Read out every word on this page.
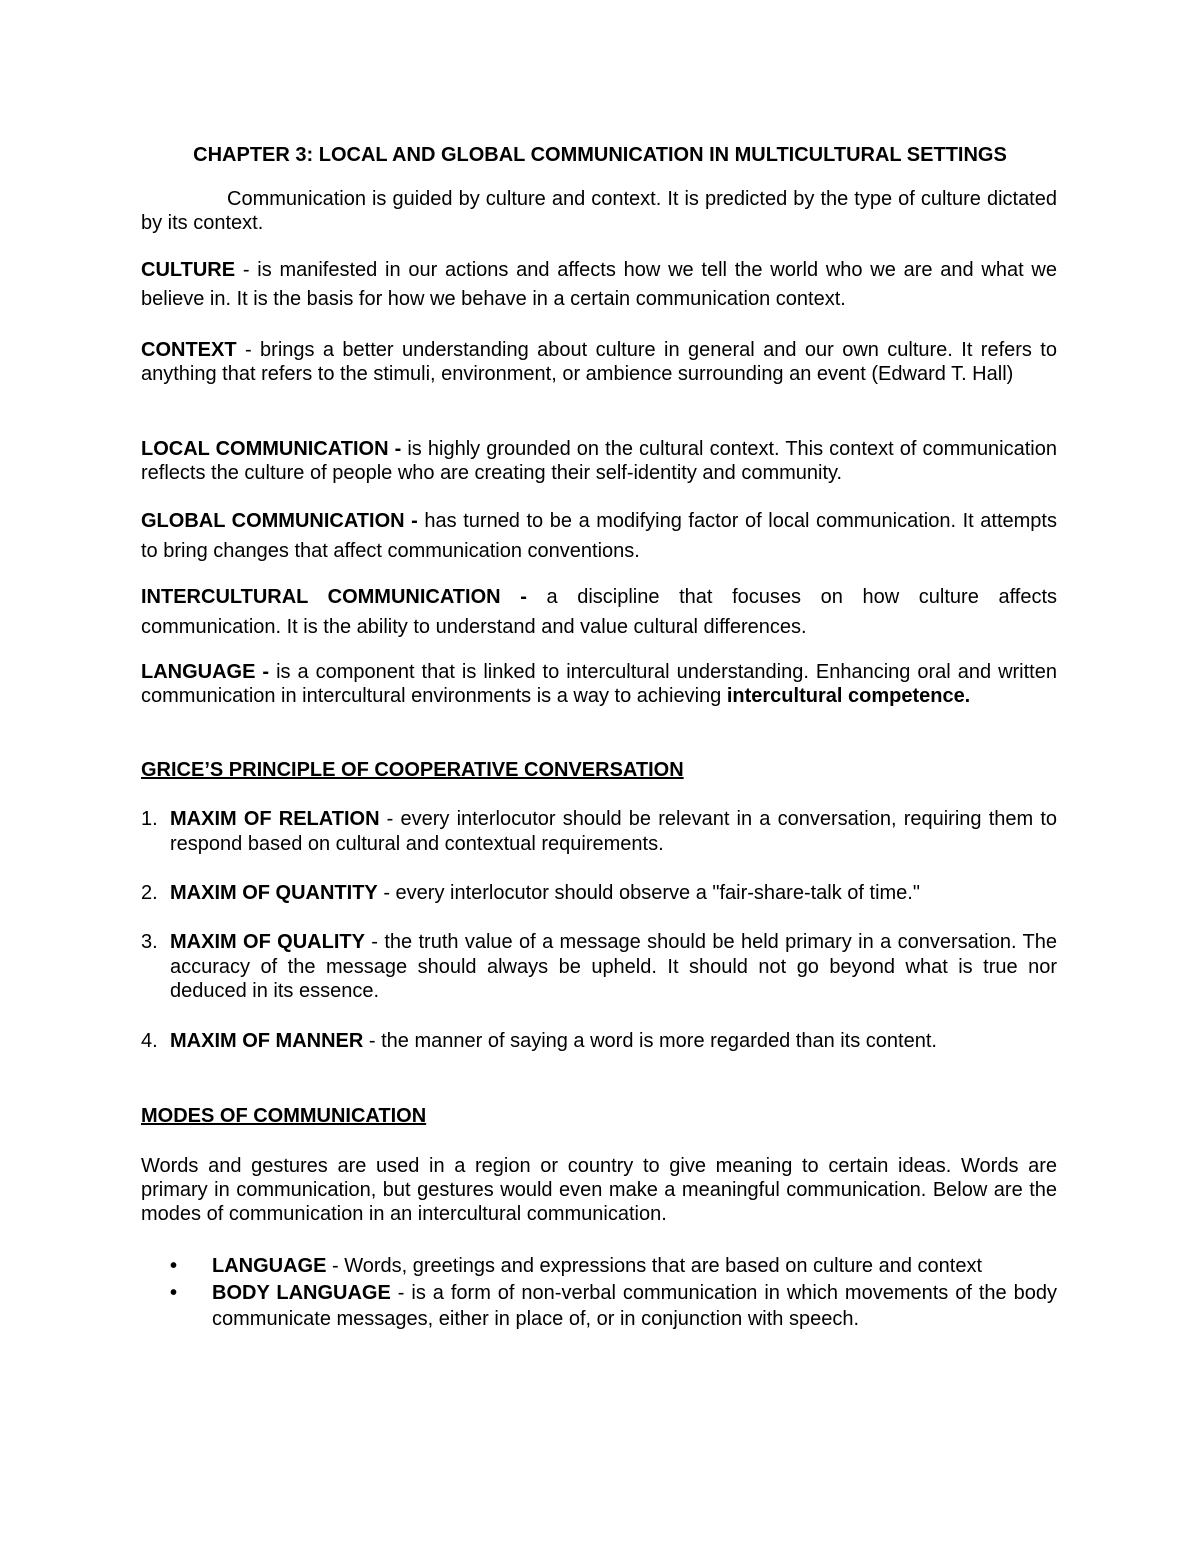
CHAPTER 3: LOCAL AND GLOBAL COMMUNICATION IN MULTICULTURAL SETTINGS

Communication is guided by culture and context. It is predicted by the type of culture dictated by its context.

CULTURE - is manifested in our actions and affects how we tell the world who we are and what we believe in. It is the basis for how we behave in a certain communication context.

CONTEXT - brings a better understanding about culture in general and our own culture. It refers to anything that refers to the stimuli, environment, or ambience surrounding an event (Edward T. Hall)

LOCAL COMMUNICATION - is highly grounded on the cultural context. This context of communication reflects the culture of people who are creating their self-identity and community.

GLOBAL COMMUNICATION - has turned to be a modifying factor of local communication. It attempts to bring changes that affect communication conventions.

INTERCULTURAL COMMUNICATION - a discipline that focuses on how culture affects communication. It is the ability to understand and value cultural differences.

LANGUAGE - is a component that is linked to intercultural understanding. Enhancing oral and written communication in intercultural environments is a way to achieving intercultural competence.

GRICE’S PRINCIPLE OF COOPERATIVE CONVERSATION

1. MAXIM OF RELATION - every interlocutor should be relevant in a conversation, requiring them to respond based on cultural and contextual requirements.
2. MAXIM OF QUANTITY - every interlocutor should observe a "fair-share-talk of time."
3. MAXIM OF QUALITY - the truth value of a message should be held primary in a conversation. The accuracy of the message should always be upheld. It should not go beyond what is true nor deduced in its essence.
4. MAXIM OF MANNER - the manner of saying a word is more regarded than its content.

MODES OF COMMUNICATION

Words and gestures are used in a region or country to give meaning to certain ideas. Words are primary in communication, but gestures would even make a meaningful communication. Below are the modes of communication in an intercultural communication.

• LANGUAGE - Words, greetings and expressions that are based on culture and context
• BODY LANGUAGE - is a form of non-verbal communication in which movements of the body communicate messages, either in place of, or in conjunction with speech.
